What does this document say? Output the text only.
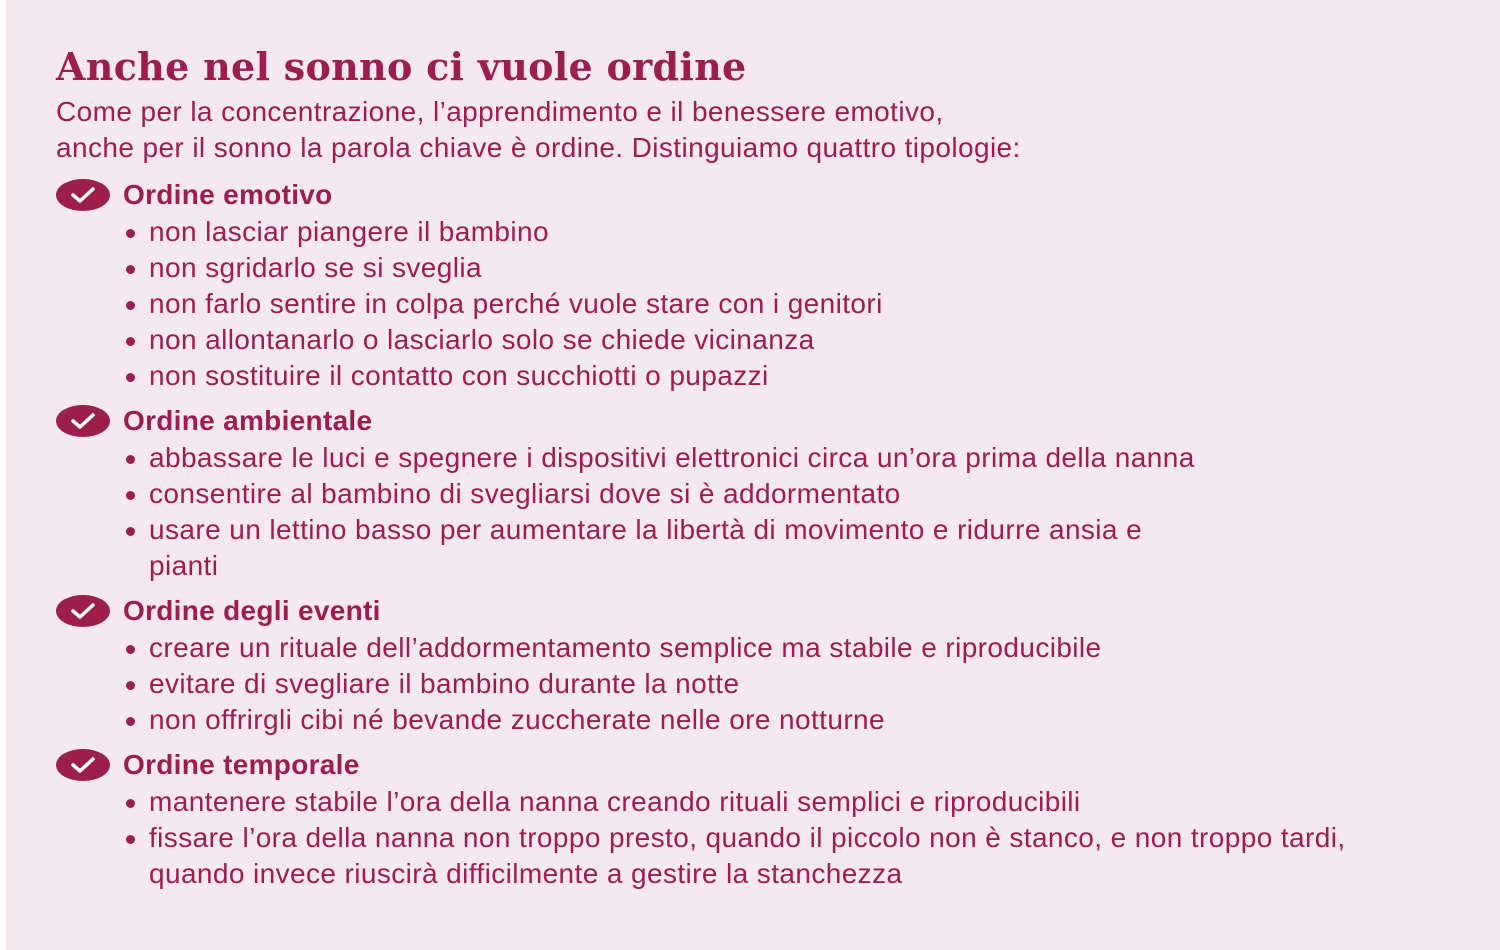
Anche nel sonno ci vuole ordine

Come per la concentrazione, l’apprendimento e il benessere emotivo,
anche per il sonno la parola chiave è ordine. Distinguiamo quattro tipologie:

Ordine emotivo
non lasciar piangere il bambino
non sgridarlo se si sveglia
non farlo sentire in colpa perché vuole stare con i genitori
non allontanarlo o lasciarlo solo se chiede vicinanza
non sostituire il contatto con succhiotti o pupazzi
Ordine ambientale
abbassare le luci e spegnere i dispositivi elettronici circa un’ora prima della nanna
consentire al bambino di svegliarsi dove si è addormentato
usare un lettino basso per aumentare la libertà di movimento e ridurre ansia e pianti
Ordine degli eventi
creare un rituale dell’addormentamento semplice ma stabile e riproducibile
evitare di svegliare il bambino durante la notte
non offrirgli cibi né bevande zuccherate nelle ore notturne
Ordine temporale
mantenere stabile l’ora della nanna creando rituali semplici e riproducibili
fissare l’ora della nanna non troppo presto, quando il piccolo non è stanco, e non troppo tardi, quando invece riuscirà difficilmente a gestire la stanchezza
